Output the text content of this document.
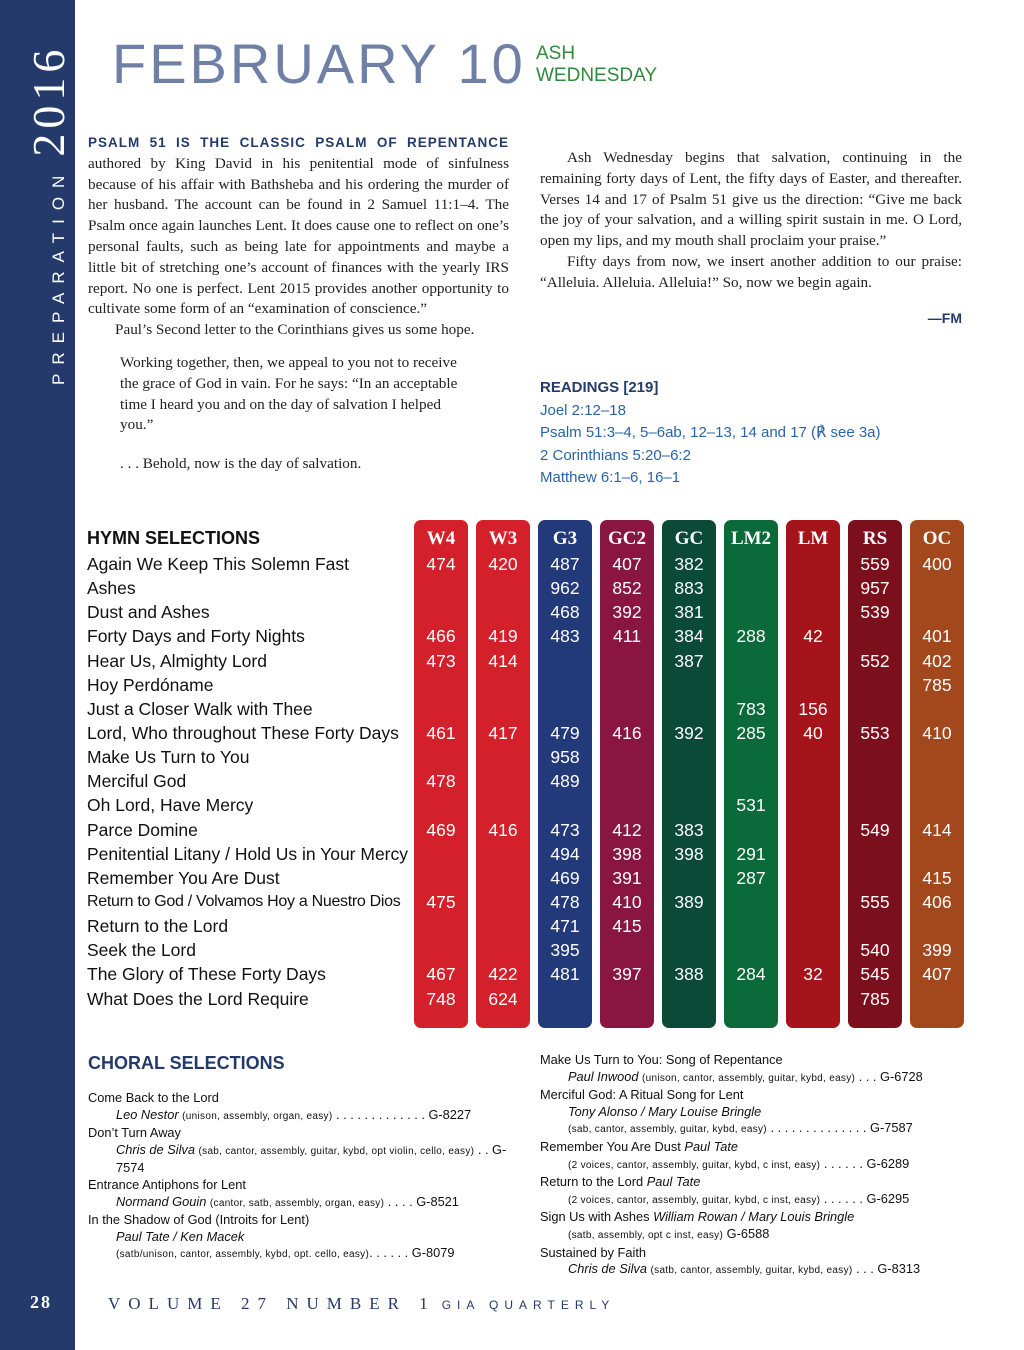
PREPARATION2016
28
FEBRUARY 10 ASH
WEDNESDAY

PSALM 51 IS THE CLASSIC PSALM OF REPENTANCE authored by King David in his penitential mode of sinfulness because of his affair with Bathsheba and his ordering the murder of her husband. The account can be found in 2 Samuel 11:1–4. The Psalm once again launches Lent. It does cause one to reflect on one’s personal faults, such as being late for appointments and maybe a little bit of stretching one’s account of finances with the yearly IRS report. No one is perfect. Lent 2015 provides another opportunity to cultivate some form of an “examination of conscience.”

Paul’s Second letter to the Corinthians gives us some hope.

Working together, then, we appeal to you not to receive the grace of God in vain. For he says: “In an acceptable time I heard you and on the day of salvation I helped you.”

. . . Behold, now is the day of salvation.

Ash Wednesday begins that salvation, continuing in the remaining forty days of Lent, the fifty days of Easter, and thereafter. Verses 14 and 17 of Psalm 51 give us the direction: “Give me back the joy of your salvation, and a willing spirit sustain in me. O Lord, open my lips, and my mouth shall proclaim your praise.”

Fifty days from now, we insert another addition to our praise: “Alleluia. Alleluia. Alleluia!” So, now we begin again.

—FM
READINGS [219]
Joel 2:12–18
Psalm 51:3–4, 5–6ab, 12–13, 14 and 17 (℟ see 3a)
2 Corinthians 5:20–6:2
Matthew 6:1–6, 16–1
HYMN SELECTIONS
Again We Keep This Solemn Fast
Ashes
Dust and Ashes
Forty Days and Forty Nights
Hear Us, Almighty Lord
Hoy Perdóname
Just a Closer Walk with Thee
Lord, Who throughout These Forty Days
Make Us Turn to You
Merciful God
Oh Lord, Have Mercy
Parce Domine
Penitential Litany / Hold Us in Your Mercy
Remember You Are Dust
Return to God / Volvamos Hoy a Nuestro Dios
Return to the Lord
Seek the Lord
The Glory of These Forty Days
What Does the Lord Require
W4
474
466
473
461
478
469
475
467
748
W3
420
419
414
417
416
422
624
G3
487
962
468
483
479
958
489
473
494
469
478
471
395
481
GC2
407
852
392
411
416
412
398
391
410
415
397
GC
382
883
381
384
387
392
383
398
389
388
LM2
288
783
285
531
291
287
284
LM
42
156
40
32
RS
559
957
539
552
553
549
555
540
545
785
OC
400
401
402
785
410
414
415
406
399
407
CHORAL SELECTIONS
Come Back to the Lord
Leo Nestor (unison, assembly, organ, easy) . . . . . . . . . . . . . G-8227
Don’t Turn Away
Chris de Silva (sab, cantor, assembly, guitar, kybd, opt violin, cello, easy) . . G-7574
Entrance Antiphons for Lent
Normand Gouin (cantor, satb, assembly, organ, easy) . . . . G-8521
In the Shadow of God (Introits for Lent)
Paul Tate / Ken Macek
(satb/unison, cantor, assembly, kybd, opt. cello, easy). . . . . . G-8079
Make Us Turn to You: Song of Repentance
Paul Inwood (unison, cantor, assembly, guitar, kybd, easy) . . . G-6728
Merciful God: A Ritual Song for Lent
Tony Alonso / Mary Louise Bringle
(sab, cantor, assembly, guitar, kybd, easy) . . . . . . . . . . . . . . G-7587
Remember You Are Dust Paul Tate
(2 voices, cantor, assembly, guitar, kybd, c inst, easy) . . . . . . G-6289
Return to the Lord Paul Tate
(2 voices, cantor, assembly, guitar, kybd, c inst, easy) . . . . . . G-6295
Sign Us with Ashes William Rowan / Mary Louis Bringle
(satb, assembly, opt c inst, easy) G-6588
Sustained by Faith
Chris de Silva (satb, cantor, assembly, guitar, kybd, easy) . . . G-8313
VOLUME 27 NUMBER 1 GIA QUARTERLY
